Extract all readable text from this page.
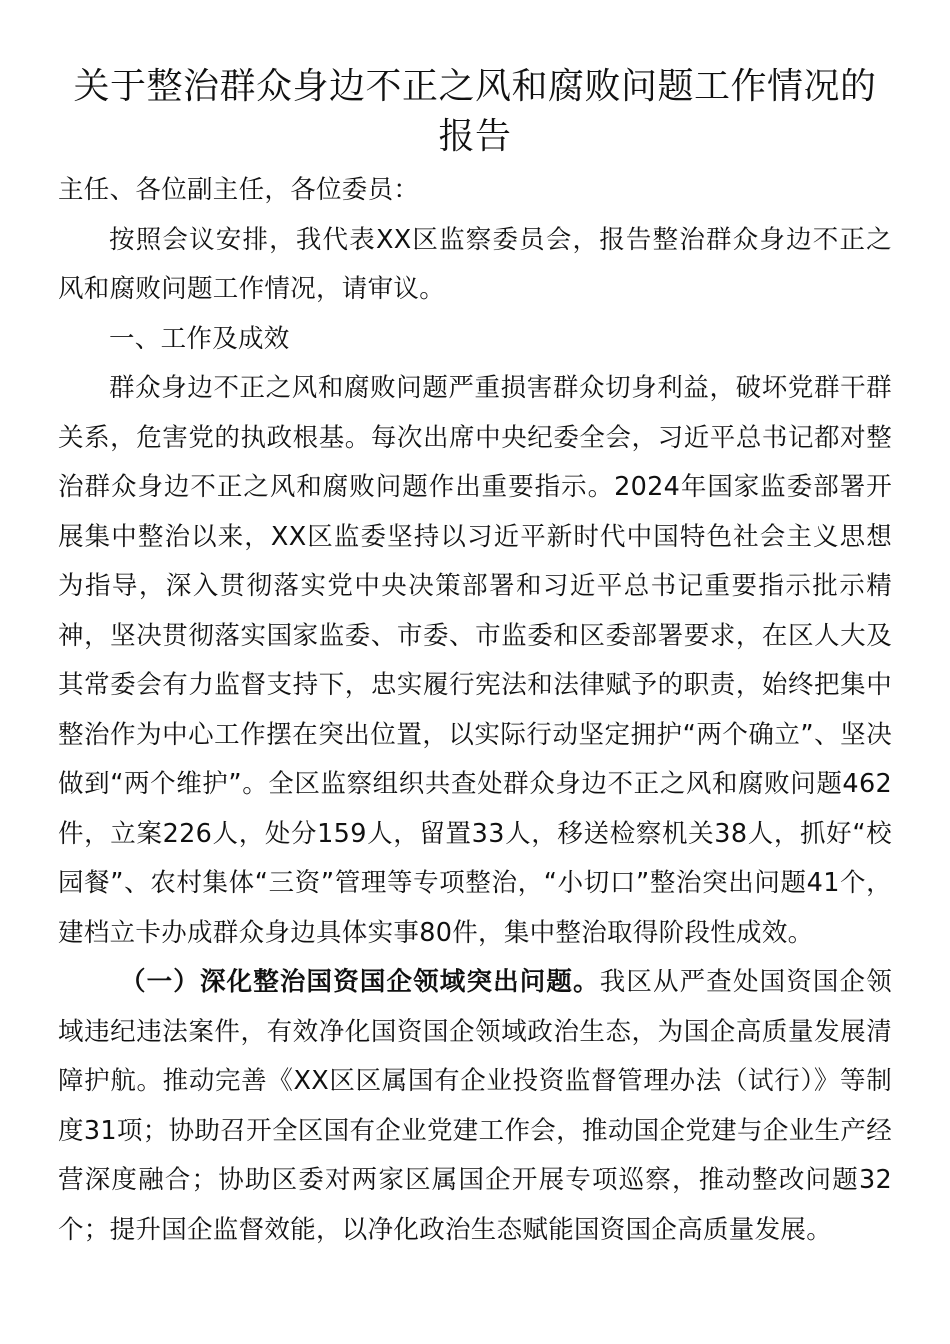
关于整治群众身边不正之风和腐败问题工作情况的报告

主任、各位副主任，各位委员：

按照会议安排，我代表XX区监察委员会，报告整治群众身边不正之风和腐败问题工作情况，请审议。

一、工作及成效

群众身边不正之风和腐败问题严重损害群众切身利益，破坏党群干群关系，危害党的执政根基。每次出席中央纪委全会，习近平总书记都对整治群众身边不正之风和腐败问题作出重要指示。2024年国家监委部署开展集中整治以来，XX区监委坚持以习近平新时代中国特色社会主义思想为指导，深入贯彻落实党中央决策部署和习近平总书记重要指示批示精神，坚决贯彻落实国家监委、市委、市监委和区委部署要求，在区人大及其常委会有力监督支持下，忠实履行宪法和法律赋予的职责，始终把集中整治作为中心工作摆在突出位置，以实际行动坚定拥护“两个确立”、坚决做到“两个维护”。全区监察组织共查处群众身边不正之风和腐败问题462件，立案226人，处分159人，留置33人，移送检察机关38人，抓好“校园餐”、农村集体“三资”管理等专项整治，“小切口”整治突出问题41个，建档立卡办成群众身边具体实事80件，集中整治取得阶段性成效。

（一）深化整治国资国企领域突出问题。我区从严查处国资国企领域违纪违法案件，有效净化国资国企领域政治生态，为国企高质量发展清障护航。推动完善《XX区区属国有企业投资监督管理办法（试行）》等制度31项；协助召开全区国有企业党建工作会，推动国企党建与企业生产经营深度融合；协助区委对两家区属国企开展专项巡察，推动整改问题32个；提升国企监督效能，以净化政治生态赋能国资国企高质量发展。
